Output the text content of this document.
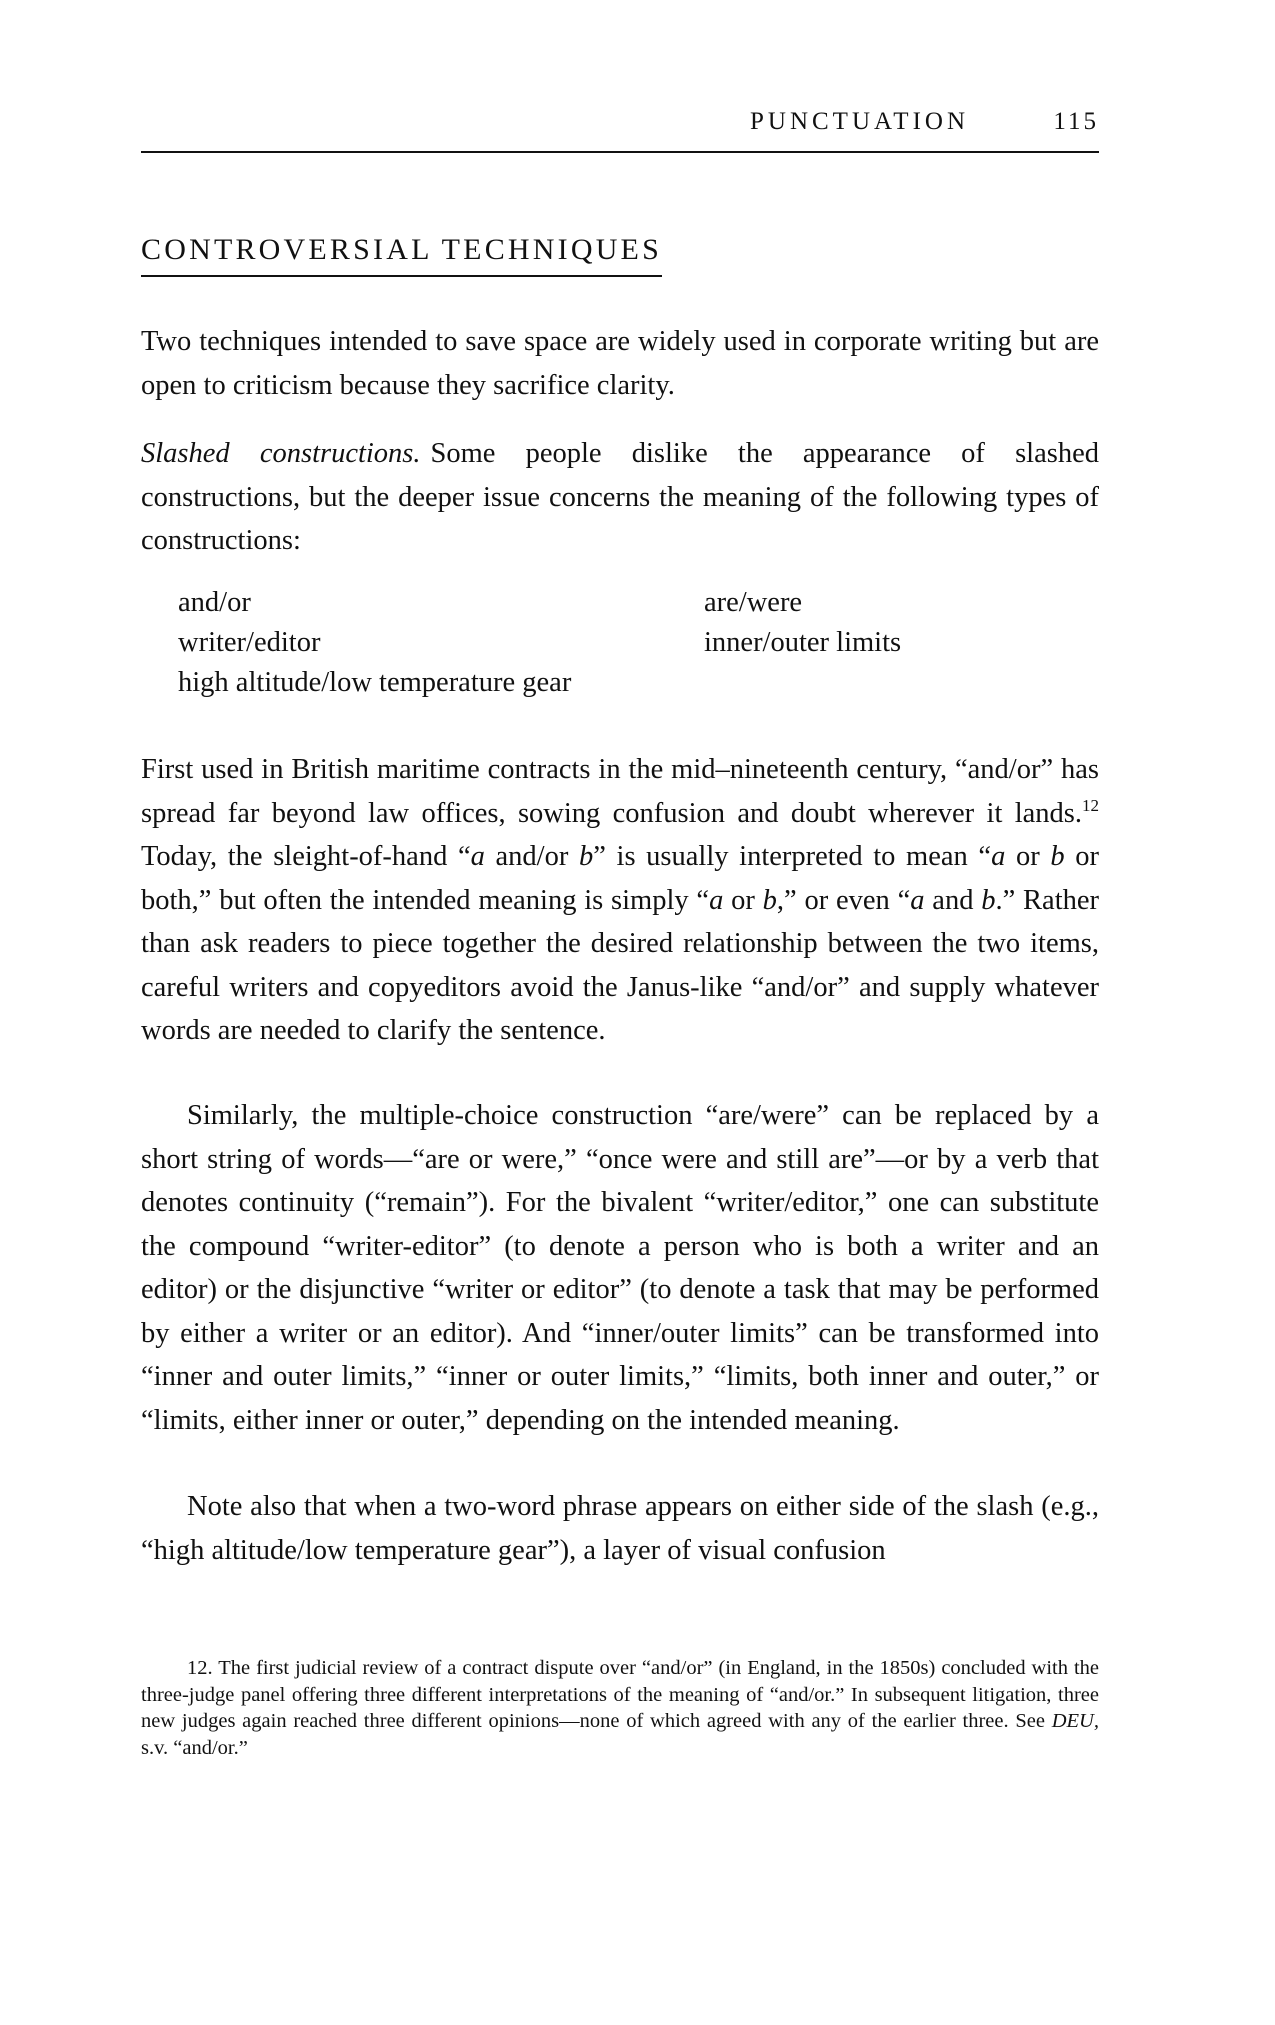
PUNCTUATION	115
CONTROVERSIAL TECHNIQUES

Two techniques intended to save space are widely used in corporate writing but are open to criticism because they sacrifice clarity.

Slashed constructions. Some people dislike the appearance of slashed constructions, but the deeper issue concerns the meaning of the following types of constructions:

and/or
writer/editor
high altitude/low temperature gear
are/were
inner/outer limits

First used in British maritime contracts in the mid–nineteenth century, “and/or” has spread far beyond law offices, sowing confusion and doubt wherever it lands.$^{12}$ Today, the sleight-of-hand “a and/or b” is usually interpreted to mean “a or b or both,” but often the intended meaning is simply “a or b,” or even “a and b.” Rather than ask readers to piece together the desired relationship between the two items, careful writers and copyeditors avoid the Janus-like “and/or” and supply whatever words are needed to clarify the sentence.

Similarly, the multiple-choice construction “are/were” can be replaced by a short string of words—“are or were,” “once were and still are”—or by a verb that denotes continuity (“remain”). For the bivalent “writer/editor,” one can substitute the compound “writer-editor” (to denote a person who is both a writer and an editor) or the disjunctive “writer or editor” (to denote a task that may be performed by either a writer or an editor). And “inner/outer limits” can be transformed into “inner and outer limits,” “inner or outer limits,” “limits, both inner and outer,” or “limits, either inner or outer,” depending on the intended meaning.

Note also that when a two-word phrase appears on either side of the slash (e.g., “high altitude/low temperature gear”), a layer of visual confusion

12. The first judicial review of a contract dispute over “and/or” (in England, in the 1850s) concluded with the three-judge panel offering three different interpretations of the meaning of “and/or.” In subsequent litigation, three new judges again reached three different opinions—none of which agreed with any of the earlier three. See DEU, s.v. “and/or.”
